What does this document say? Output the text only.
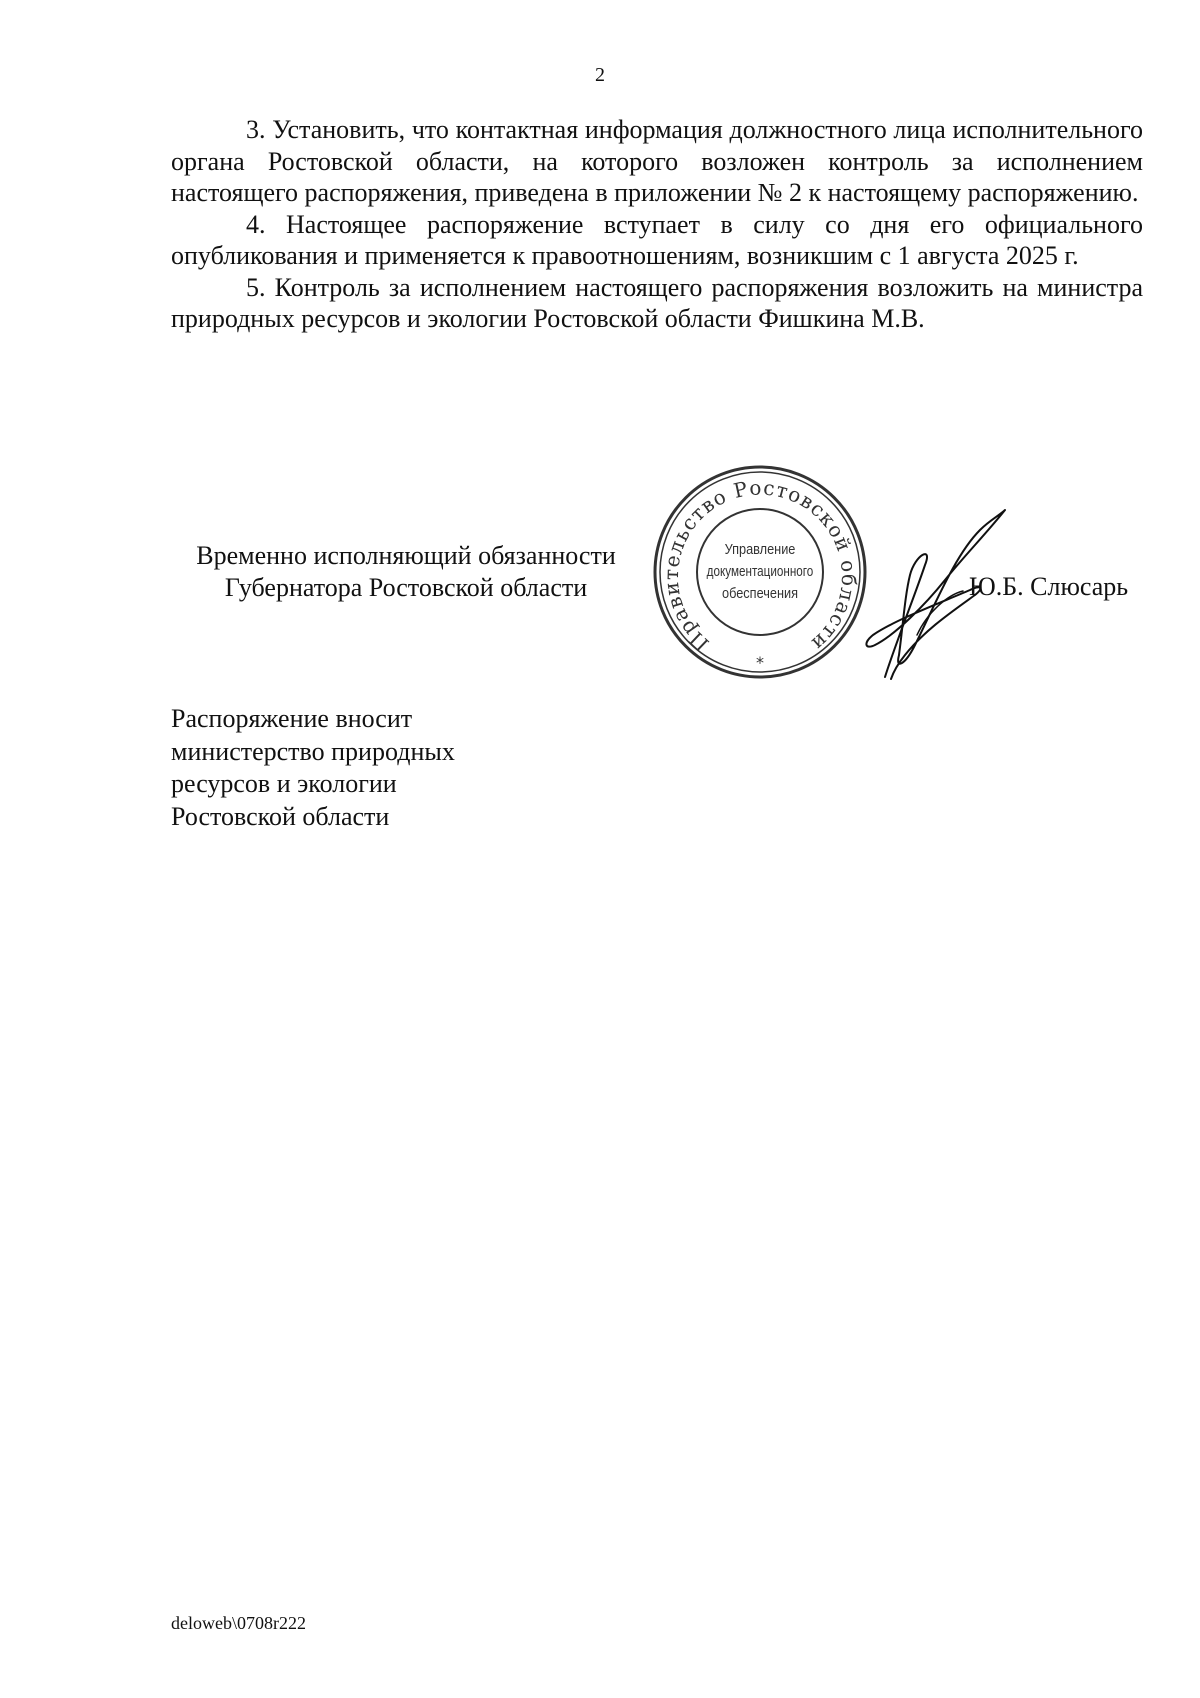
2

3. Установить, что контактная информация должностного лица исполнительного органа Ростовской области, на которого возложен контроль за исполнением настоящего распоряжения, приведена в приложении № 2 к настоящему распоряжению.

4. Настоящее распоряжение вступает в силу со дня его официального опубликования и применяется к правоотношениям, возникшим с 1 августа 2025 г.

5. Контроль за исполнением настоящего распоряжения возложить на министра природных ресурсов и экологии Ростовской области Фишкина М.В.

Временно исполняющий обязанности
Губернатора Ростовской области
Правительство Ростовской области
Управление
документационного
обеспечения
*
Ю.Б. Слюсарь
Распоряжение вносит
министерство природных
ресурсов и экологии
Ростовской области
deloweb\0708r222
